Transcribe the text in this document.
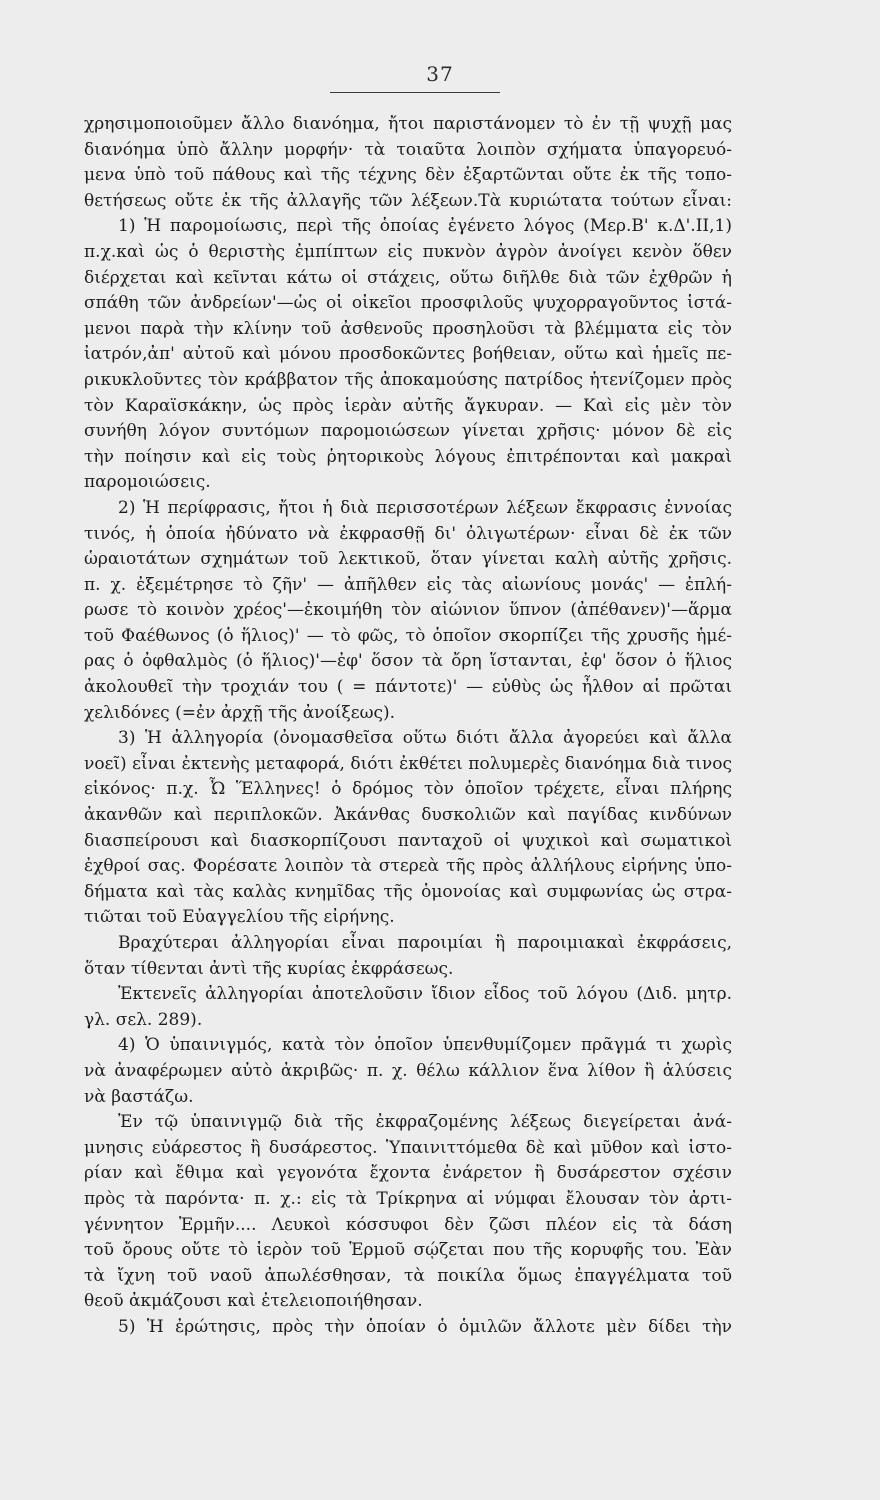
37
χρησιμοποιοῦμεν ἄλλο διανόημα, ἤτοι παριστάνομεν τὸ ἐν τῇ ψυχῇ μας
διανόημα ὑπὸ ἄλλην μορφήν· τὰ τοιαῦτα λοιπὸν σχήματα ὑπαγορευό-
μενα ὑπὸ τοῦ πάθους καὶ τῆς τέχνης δὲν ἐξαρτῶνται οὔτε ἐκ τῆς τοπο-
θετήσεως οὔτε ἐκ τῆς ἀλλαγῆς τῶν λέξεων.Τὰ κυριώτατα τούτων εἶναι:
1) Ἡ παρομοίωσις, περὶ τῆς ὁποίας ἐγένετο λόγος (Μερ.Β' κ.Δ'.ΙΙ,1)
π.χ.καὶ ὡς ὁ θεριστὴς ἐμπίπτων εἰς πυκνὸν ἀγρὸν ἀνοίγει κενὸν ὅθεν
διέρχεται καὶ κεῖνται κάτω οἱ στάχεις, οὕτω διῆλθε διὰ τῶν ἐχθρῶν ἡ
σπάθη τῶν ἀνδρείων'—ὡς οἱ οἰκεῖοι προσφιλοῦς ψυχορραγοῦντος ἱστά-
μενοι παρὰ τὴν κλίνην τοῦ ἀσθενοῦς προσηλοῦσι τὰ βλέμματα εἰς τὸν
ἰατρόν,ἀπ' αὐτοῦ καὶ μόνου προσδοκῶντες βοήθειαν, οὕτω καὶ ἡμεῖς πε-
ρικυκλοῦντες τὸν κράββατον τῆς ἀποκαμούσης πατρίδος ἡτενίζομεν πρὸς
τὸν Καραϊσκάκην, ὡς πρὸς ἱερὰν αὐτῆς ἄγκυραν. — Καὶ εἰς μὲν τὸν
συνήθη λόγον συντόμων παρομοιώσεων γίνεται χρῆσις· μόνον δὲ εἰς
τὴν ποίησιν καὶ εἰς τοὺς ῥητορικοὺς λόγους ἐπιτρέπονται καὶ μακραὶ
παρομοιώσεις.
2) Ἡ περίφρασις, ἤτοι ἡ διὰ περισσοτέρων λέξεων ἔκφρασις ἐννοίας
τινός, ἡ ὁποία ἠδύνατο νὰ ἐκφρασθῇ δι' ὀλιγωτέρων· εἶναι δὲ ἐκ τῶν
ὡραιοτάτων σχημάτων τοῦ λεκτικοῦ, ὅταν γίνεται καλὴ αὐτῆς χρῆσις.
π. χ. ἐξεμέτρησε τὸ ζῆν' — ἀπῆλθεν εἰς τὰς αἰωνίους μονάς' — ἐπλή-
ρωσε τὸ κοινὸν χρέος'—ἐκοιμήθη τὸν αἰώνιον ὕπνον (ἀπέθανεν)'—ἅρμα
τοῦ Φαέθωνος (ὁ ἥλιος)' — τὸ φῶς, τὸ ὁποῖον σκορπίζει τῆς χρυσῆς ἡμέ-
ρας ὁ ὀφθαλμὸς (ὁ ἥλιος)'—ἐφ' ὅσον τὰ ὄρη ἵστανται, ἐφ' ὅσον ὁ ἥλιος
ἀκολουθεῖ τὴν τροχιάν του ( = πάντοτε)' — εὐθὺς ὡς ἦλθον αἱ πρῶται
χελιδόνες (=ἐν ἀρχῇ τῆς ἀνοίξεως).
3) Ἡ ἀλληγορία (ὀνομασθεῖσα οὕτω διότι ἄλλα ἀγορεύει καὶ ἄλλα
νοεῖ) εἶναι ἐκτενὴς μεταφορά, διότι ἐκθέτει πολυμερὲς διανόημα διὰ τινος
εἰκόνος· π.χ. Ὦ Ἕλληνες! ὁ δρόμος τὸν ὁποῖον τρέχετε, εἶναι πλήρης
ἀκανθῶν καὶ περιπλοκῶν. Ἀκάνθας δυσκολιῶν καὶ παγίδας κινδύνων
διασπείρουσι καὶ διασκορπίζουσι πανταχοῦ οἱ ψυχικοὶ καὶ σωματικοὶ
ἐχθροί σας. Φορέσατε λοιπὸν τὰ στερεὰ τῆς πρὸς ἀλλήλους εἰρήνης ὑπο-
δήματα καὶ τὰς καλὰς κνημῖδας τῆς ὁμονοίας καὶ συμφωνίας ὡς στρα-
τιῶται τοῦ Εὐαγγελίου τῆς εἰρήνης.
Βραχύτεραι ἀλληγορίαι εἶναι παροιμίαι ἢ παροιμιακαὶ ἐκφράσεις,
ὅταν τίθενται ἀντὶ τῆς κυρίας ἐκφράσεως.
Ἐκτενεῖς ἀλληγορίαι ἀποτελοῦσιν ἴδιον εἶδος τοῦ λόγου (Διδ. μητρ.
γλ. σελ. 289).
4) Ὁ ὑπαινιγμός, κατὰ τὸν ὁποῖον ὑπενθυμίζομεν πρᾶγμά τι χωρὶς
νὰ ἀναφέρωμεν αὐτὸ ἀκριβῶς· π. χ. θέλω κάλλιον ἕνα λίθον ἢ ἁλύσεις
νὰ βαστάζω.
Ἐν τῷ ὑπαινιγμῷ διὰ τῆς ἐκφραζομένης λέξεως διεγείρεται ἀνά-
μνησις εὐάρεστος ἢ δυσάρεστος. Ὑπαινιττόμεθα δὲ καὶ μῦθον καὶ ἱστο-
ρίαν καὶ ἔθιμα καὶ γεγονότα ἔχοντα ἐνάρετον ἢ δυσάρεστον σχέσιν
πρὸς τὰ παρόντα· π. χ.: εἰς τὰ Τρίκρηνα αἱ νύμφαι ἔλουσαν τὸν ἀρτι-
γέννητον Ἑρμῆν.... Λευκοὶ κόσσυφοι δὲν ζῶσι πλέον εἰς τὰ δάση
τοῦ ὄρους οὔτε τὸ ἱερὸν τοῦ Ἑρμοῦ σῴζεται που τῆς κορυφῆς του. Ἐὰν
τὰ ἴχνη τοῦ ναοῦ ἀπωλέσθησαν, τὰ ποικίλα ὅμως ἐπαγγέλματα τοῦ
θεοῦ ἀκμάζουσι καὶ ἐτελειοποιήθησαν.
5) Ἡ ἐρώτησις, πρὸς τὴν ὁποίαν ὁ ὁμιλῶν ἄλλοτε μὲν δίδει τὴν
